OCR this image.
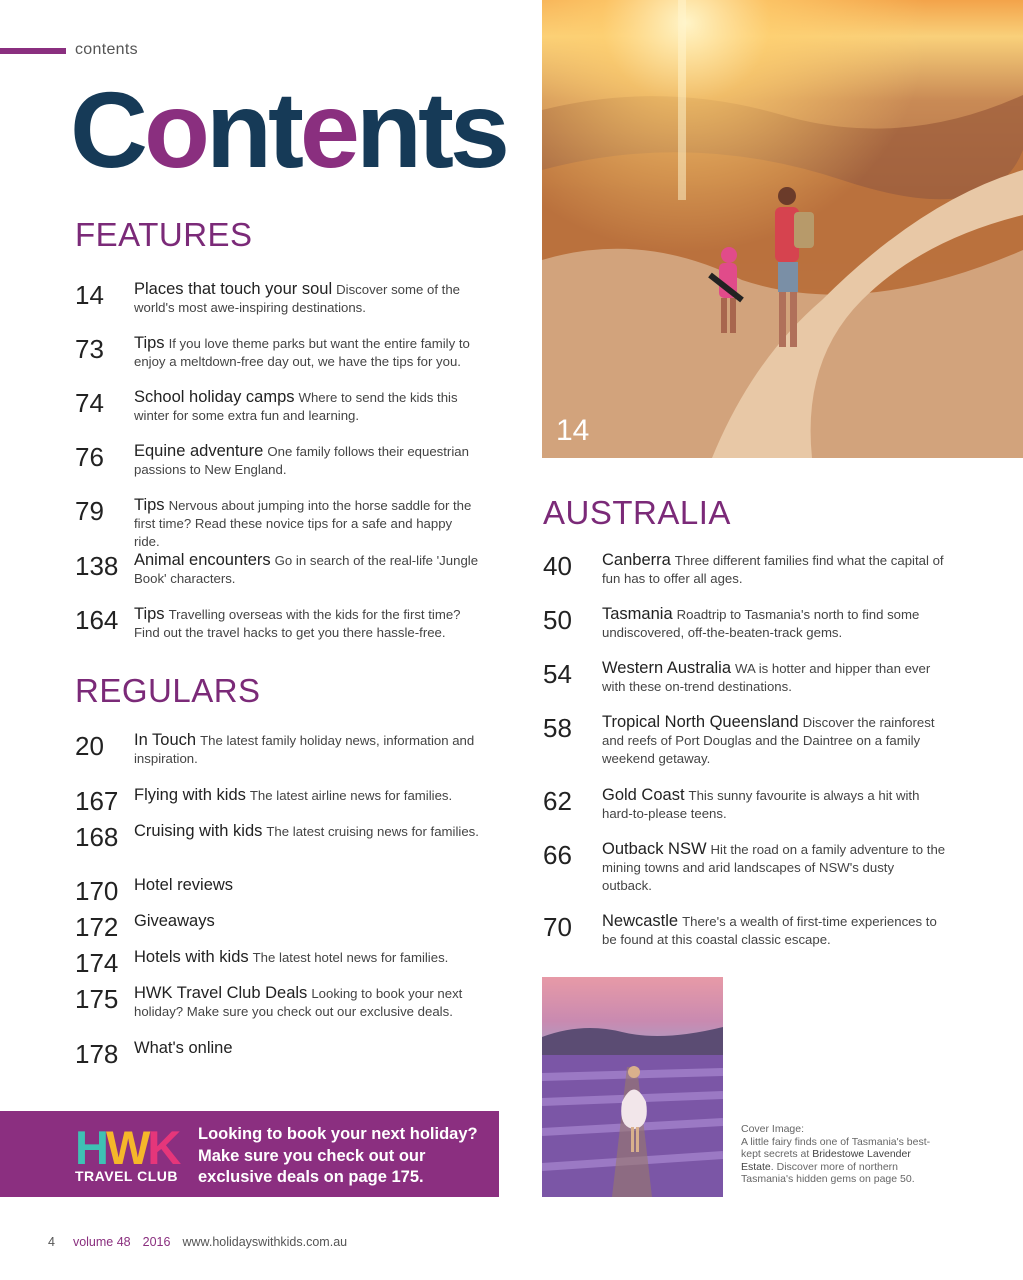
contents
Contents
FEATURES
14	Places that touch your soul Discover some of the world's most awe-inspiring destinations.
73	Tips If you love theme parks but want the entire family to enjoy a meltdown-free day out, we have the tips for you.
74	School holiday camps Where to send the kids this winter for some extra fun and learning.
76	Equine adventure One family follows their equestrian passions to New England.
79	Tips Nervous about jumping into the horse saddle for the first time? Read these novice tips for a safe and happy ride.
138 Animal encounters Go in search of the real-life 'Jungle Book' characters.
164 Tips Travelling overseas with the kids for the first time? Find out the travel hacks to get you there hassle-free.
REGULARS
20	In Touch The latest family holiday news, information and inspiration.
167 Flying with kids The latest airline news for families.
168 Cruising with kids The latest cruising news for families.
170 Hotel reviews
172 Giveaways
174 Hotels with kids The latest hotel news for families.
175 HWK Travel Club Deals Looking to book your next holiday? Make sure you check out our exclusive deals.
178 What's online
14
AUSTRALIA
40	Canberra Three different families find what the capital of fun has to offer all ages.
50	Tasmania Roadtrip to Tasmania's north to find some undiscovered, off-the-beaten-track gems.
54	Western Australia WA is hotter and hipper than ever with these on-trend destinations.
58	Tropical North Queensland Discover the rainforest and reefs of Port Douglas and the Daintree on a family weekend getaway.
62	Gold Coast This sunny favourite is always a hit with hard-to-please teens.
66	Outback NSW Hit the road on a family adventure to the mining towns and arid landscapes of NSW's dusty outback.
70	Newcastle There's a wealth of first-time experiences to be found at this coastal classic escape.
Cover Image:
A little fairy finds one of Tasmania's best-kept secrets at Bridestowe Lavender Estate. Discover more of northern Tasmania's hidden gems on page 50.
HWK
TRAVEL CLUB
Looking to book your next holiday? Make sure you check out our exclusive deals on page 175.
4 volume 48 2016 www.holidayswithkids.com.au
